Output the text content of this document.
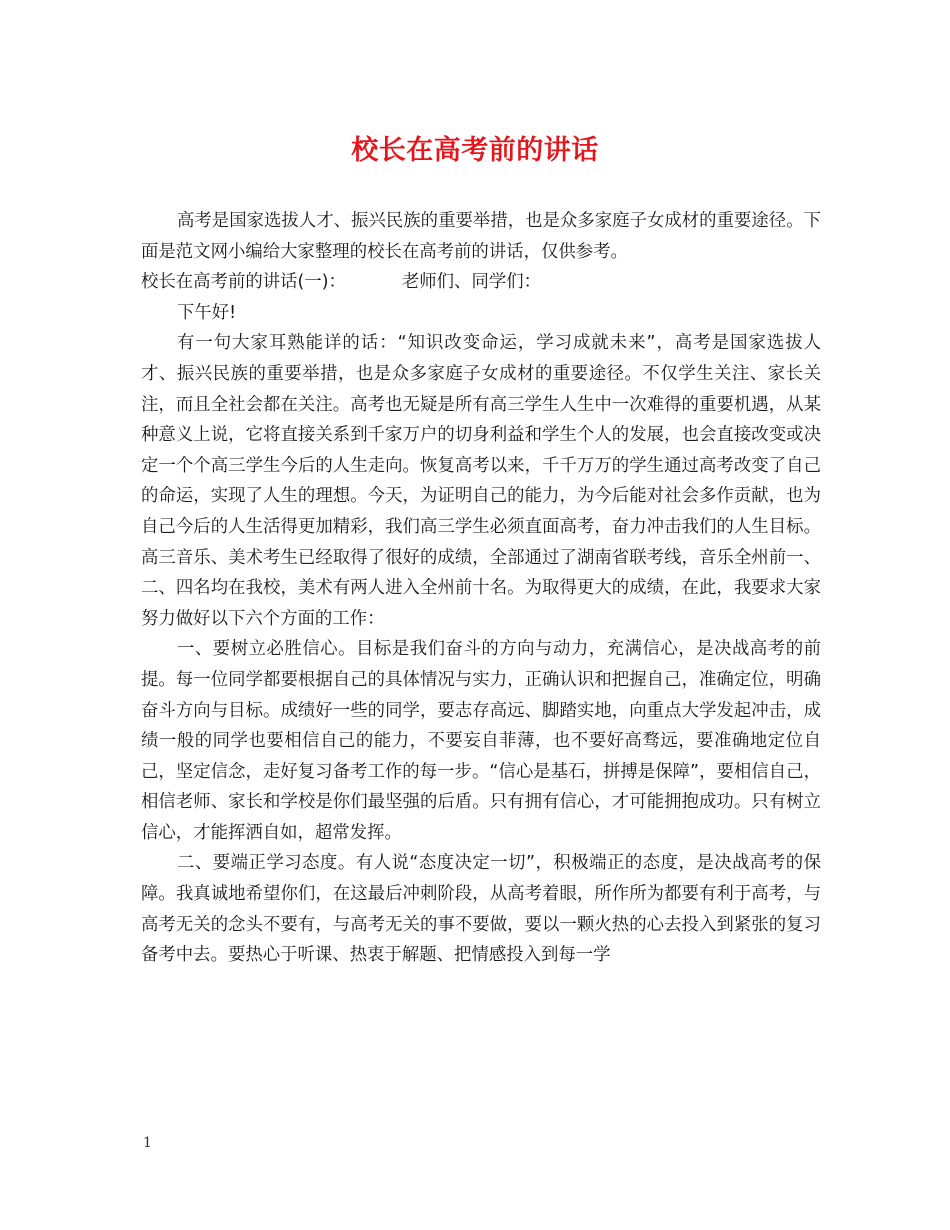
校长在高考前的讲话

高考是国家选拔人才、振兴民族的重要举措，也是众多家庭子女成材的重要途径。下面是范文网小编给大家整理的校长在高考前的讲话，仅供参考。

校长在高考前的讲话(一)：	老师们、同学们：

下午好!

有一句大家耳熟能详的话：“知识改变命运，学习成就未来”，高考是国家选拔人才、振兴民族的重要举措，也是众多家庭子女成材的重要途径。不仅学生关注、家长关注，而且全社会都在关注。高考也无疑是所有高三学生人生中一次难得的重要机遇，从某种意义上说，它将直接关系到千家万户的切身利益和学生个人的发展，也会直接改变或决定一个个高三学生今后的人生走向。恢复高考以来，千千万万的学生通过高考改变了自己的命运，实现了人生的理想。今天，为证明自己的能力，为今后能对社会多作贡献，也为自己今后的人生活得更加精彩，我们高三学生必须直面高考，奋力冲击我们的人生目标。高三音乐、美术考生已经取得了很好的成绩，全部通过了湖南省联考线，音乐全州前一、二、四名均在我校，美术有两人进入全州前十名。为取得更大的成绩，在此，我要求大家努力做好以下六个方面的工作：

一、要树立必胜信心。目标是我们奋斗的方向与动力，充满信心，是决战高考的前提。每一位同学都要根据自己的具体情况与实力，正确认识和把握自己，准确定位，明确奋斗方向与目标。成绩好一些的同学，要志存高远、脚踏实地，向重点大学发起冲击，成绩一般的同学也要相信自己的能力，不要妄自菲薄，也不要好高骛远，要准确地定位自己，坚定信念，走好复习备考工作的每一步。“信心是基石，拼搏是保障”，要相信自己，相信老师、家长和学校是你们最坚强的后盾。只有拥有信心，才可能拥抱成功。只有树立信心，才能挥洒自如，超常发挥。

二、要端正学习态度。有人说“态度决定一切”，积极端正的态度，是决战高考的保障。我真诚地希望你们，在这最后冲刺阶段，从高考着眼，所作所为都要有利于高考，与高考无关的念头不要有，与高考无关的事不要做，要以一颗火热的心去投入到紧张的复习备考中去。要热心于听课、热衷于解题、把情感投入到每一学

1
